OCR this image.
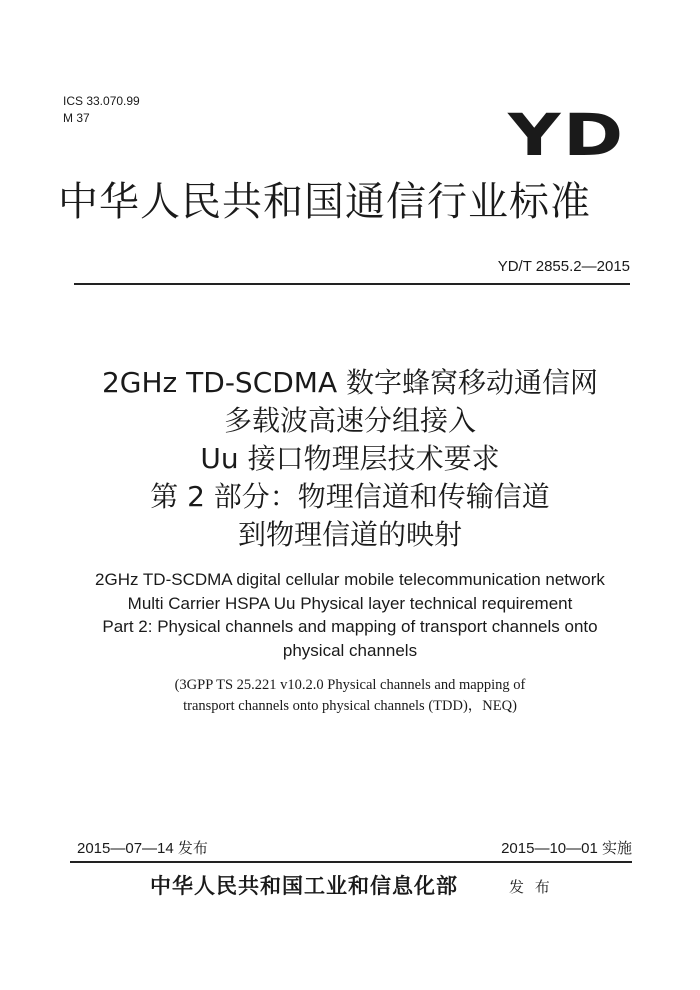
ICS 33.070.99
M 37	YD
中华人民共和国通信行业标准
YD/T 2855.2—2015
2GHz TD-SCDMA 数字蜂窝移动通信网
多载波高速分组接入
Uu 接口物理层技术要求
第 2 部分：物理信道和传输信道
到物理信道的映射
2GHz TD-SCDMA digital cellular mobile telecommunication network
Multi Carrier HSPA Uu Physical layer technical requirement
Part 2: Physical channels and mapping of transport channels onto
physical channels
(3GPP TS 25.221 v10.2.0 Physical channels and mapping of
transport channels onto physical channels (TDD)，NEQ)
2015—07—14 发布	2015—10—01 实施
中华人民共和国工业和信息化部	发 布
